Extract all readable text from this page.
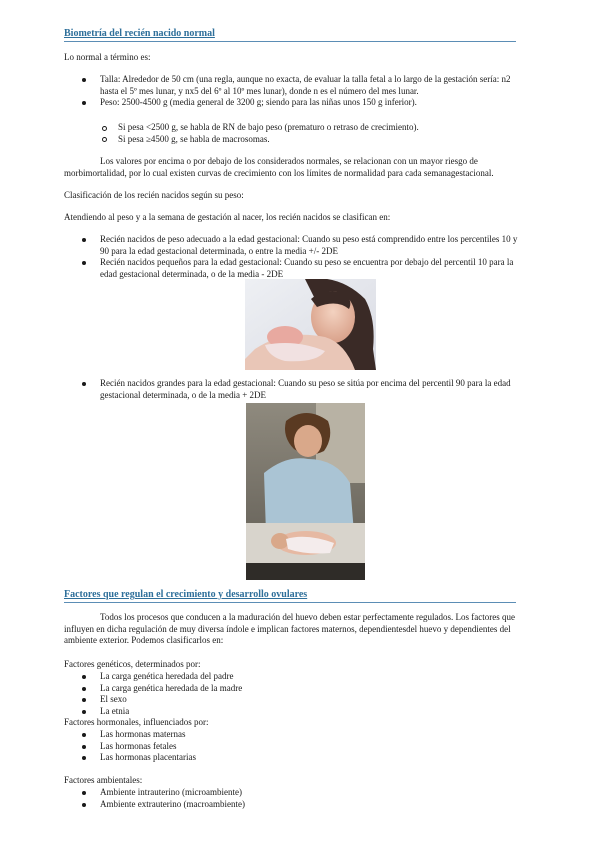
Biometría del recién nacido normal

Lo normal a término es:

Talla: Alrededor de 50 cm (una regla, aunque no exacta, de evaluar la talla fetal a lo largo de la gestación sería: n2 hasta el 5º mes lunar, y nx5 del 6º al 10º mes lunar), donde n es el número del mes lunar.
Peso: 2500-4500 g (media general de 3200 g; siendo para las niñas unos 150 g inferior).
Si pesa <2500 g, se habla de RN de bajo peso (prematuro o retraso de crecimiento).
Si pesa ≥4500 g, se habla de macrosomas.

Los valores por encima o por debajo de los considerados normales, se relacionan con un mayor riesgo de morbimortalidad, por lo cual existen curvas de crecimiento con los límites de normalidad para cada semanagestacional.

Clasificación de los recién nacidos según su peso:

Atendiendo al peso y a la semana de gestación al nacer, los recién nacidos se clasifican en:

Recién nacidos de peso adecuado a la edad gestacional: Cuando su peso está comprendido entre los percentiles 10 y 90 para la edad gestacional determinada, o entre la media +/- 2DE
Recién nacidos pequeños para la edad gestacional: Cuando su peso se encuentra por debajo del percentil 10 para la edad gestacional determinada, o de la media - 2DE
Recién nacidos grandes para la edad gestacional: Cuando su peso se sitúa por encima del percentil 90 para la edad gestacional determinada, o de la media + 2DE
Factores que regulan el crecimiento y desarrollo ovulares

Todos los procesos que conducen a la maduración del huevo deben estar perfectamente regulados. Los factores que influyen en dicha regulación de muy diversa índole e implican factores maternos, dependientesdel huevo y dependientes del ambiente exterior. Podemos clasificarlos en:

Factores genéticos, determinados por:

La carga genética heredada del padre
La carga genética heredada de la madre
El sexo
La etnia

Factores hormonales, influenciados por:

Las hormonas maternas
Las hormonas fetales
Las hormonas placentarias

Factores ambientales:

Ambiente intrauterino (microambiente)
Ambiente extrauterino (macroambiente)
